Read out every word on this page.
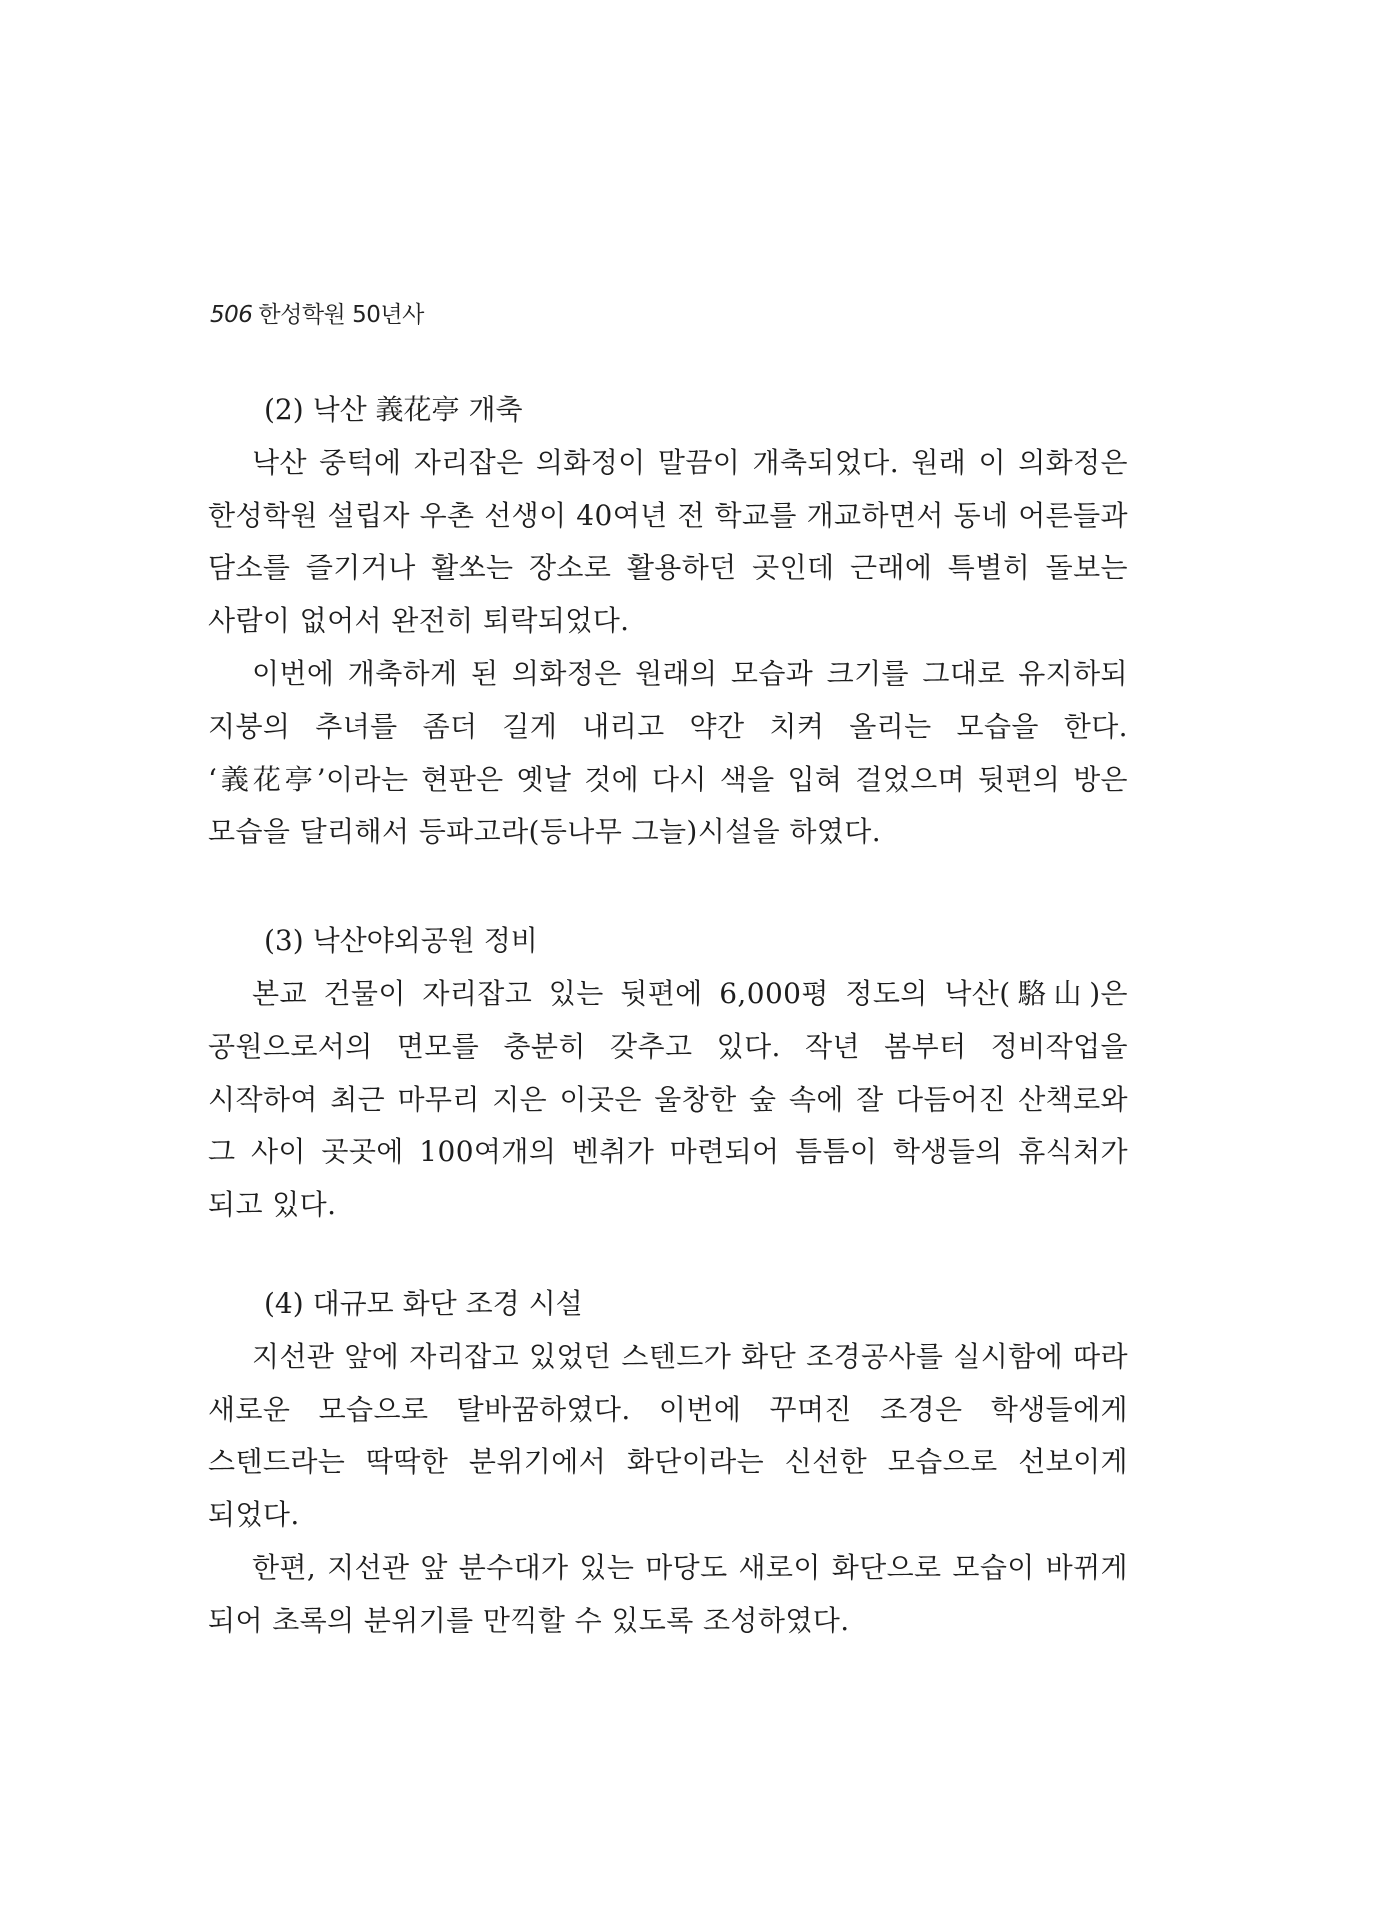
506 한성학원 50년사
(2) 낙산 義花亭 개축

낙산 중턱에 자리잡은 의화정이 말끔이 개축되었다. 원래 이 의화정은 한성학원 설립자 우촌 선생이 40여년 전 학교를 개교하면서 동네 어른들과 담소를 즐기거나 활쏘는 장소로 활용하던 곳인데 근래에 특별히 돌보는 사람이 없어서 완전히 퇴락되었다.

이번에 개축하게 된 의화정은 원래의 모습과 크기를 그대로 유지하되 지붕의 추녀를 좀더 길게 내리고 약간 치켜 올리는 모습을 한다. ‘義花亭’이라는 현판은 옛날 것에 다시 색을 입혀 걸었으며 뒷편의 방은 모습을 달리해서 등파고라(등나무 그늘)시설을 하였다.

(3) 낙산야외공원 정비

본교 건물이 자리잡고 있는 뒷편에 6,000평 정도의 낙산(駱山)은 공원으로서의 면모를 충분히 갖추고 있다. 작년 봄부터 정비작업을 시작하여 최근 마무리 지은 이곳은 울창한 숲 속에 잘 다듬어진 산책로와 그 사이 곳곳에 100여개의 벤취가 마련되어 틈틈이 학생들의 휴식처가 되고 있다.

(4) 대규모 화단 조경 시설

지선관 앞에 자리잡고 있었던 스텐드가 화단 조경공사를 실시함에 따라 새로운 모습으로 탈바꿈하였다. 이번에 꾸며진 조경은 학생들에게 스텐드라는 딱딱한 분위기에서 화단이라는 신선한 모습으로 선보이게 되었다.

한편, 지선관 앞 분수대가 있는 마당도 새로이 화단으로 모습이 바뀌게 되어 초록의 분위기를 만끽할 수 있도록 조성하였다.
